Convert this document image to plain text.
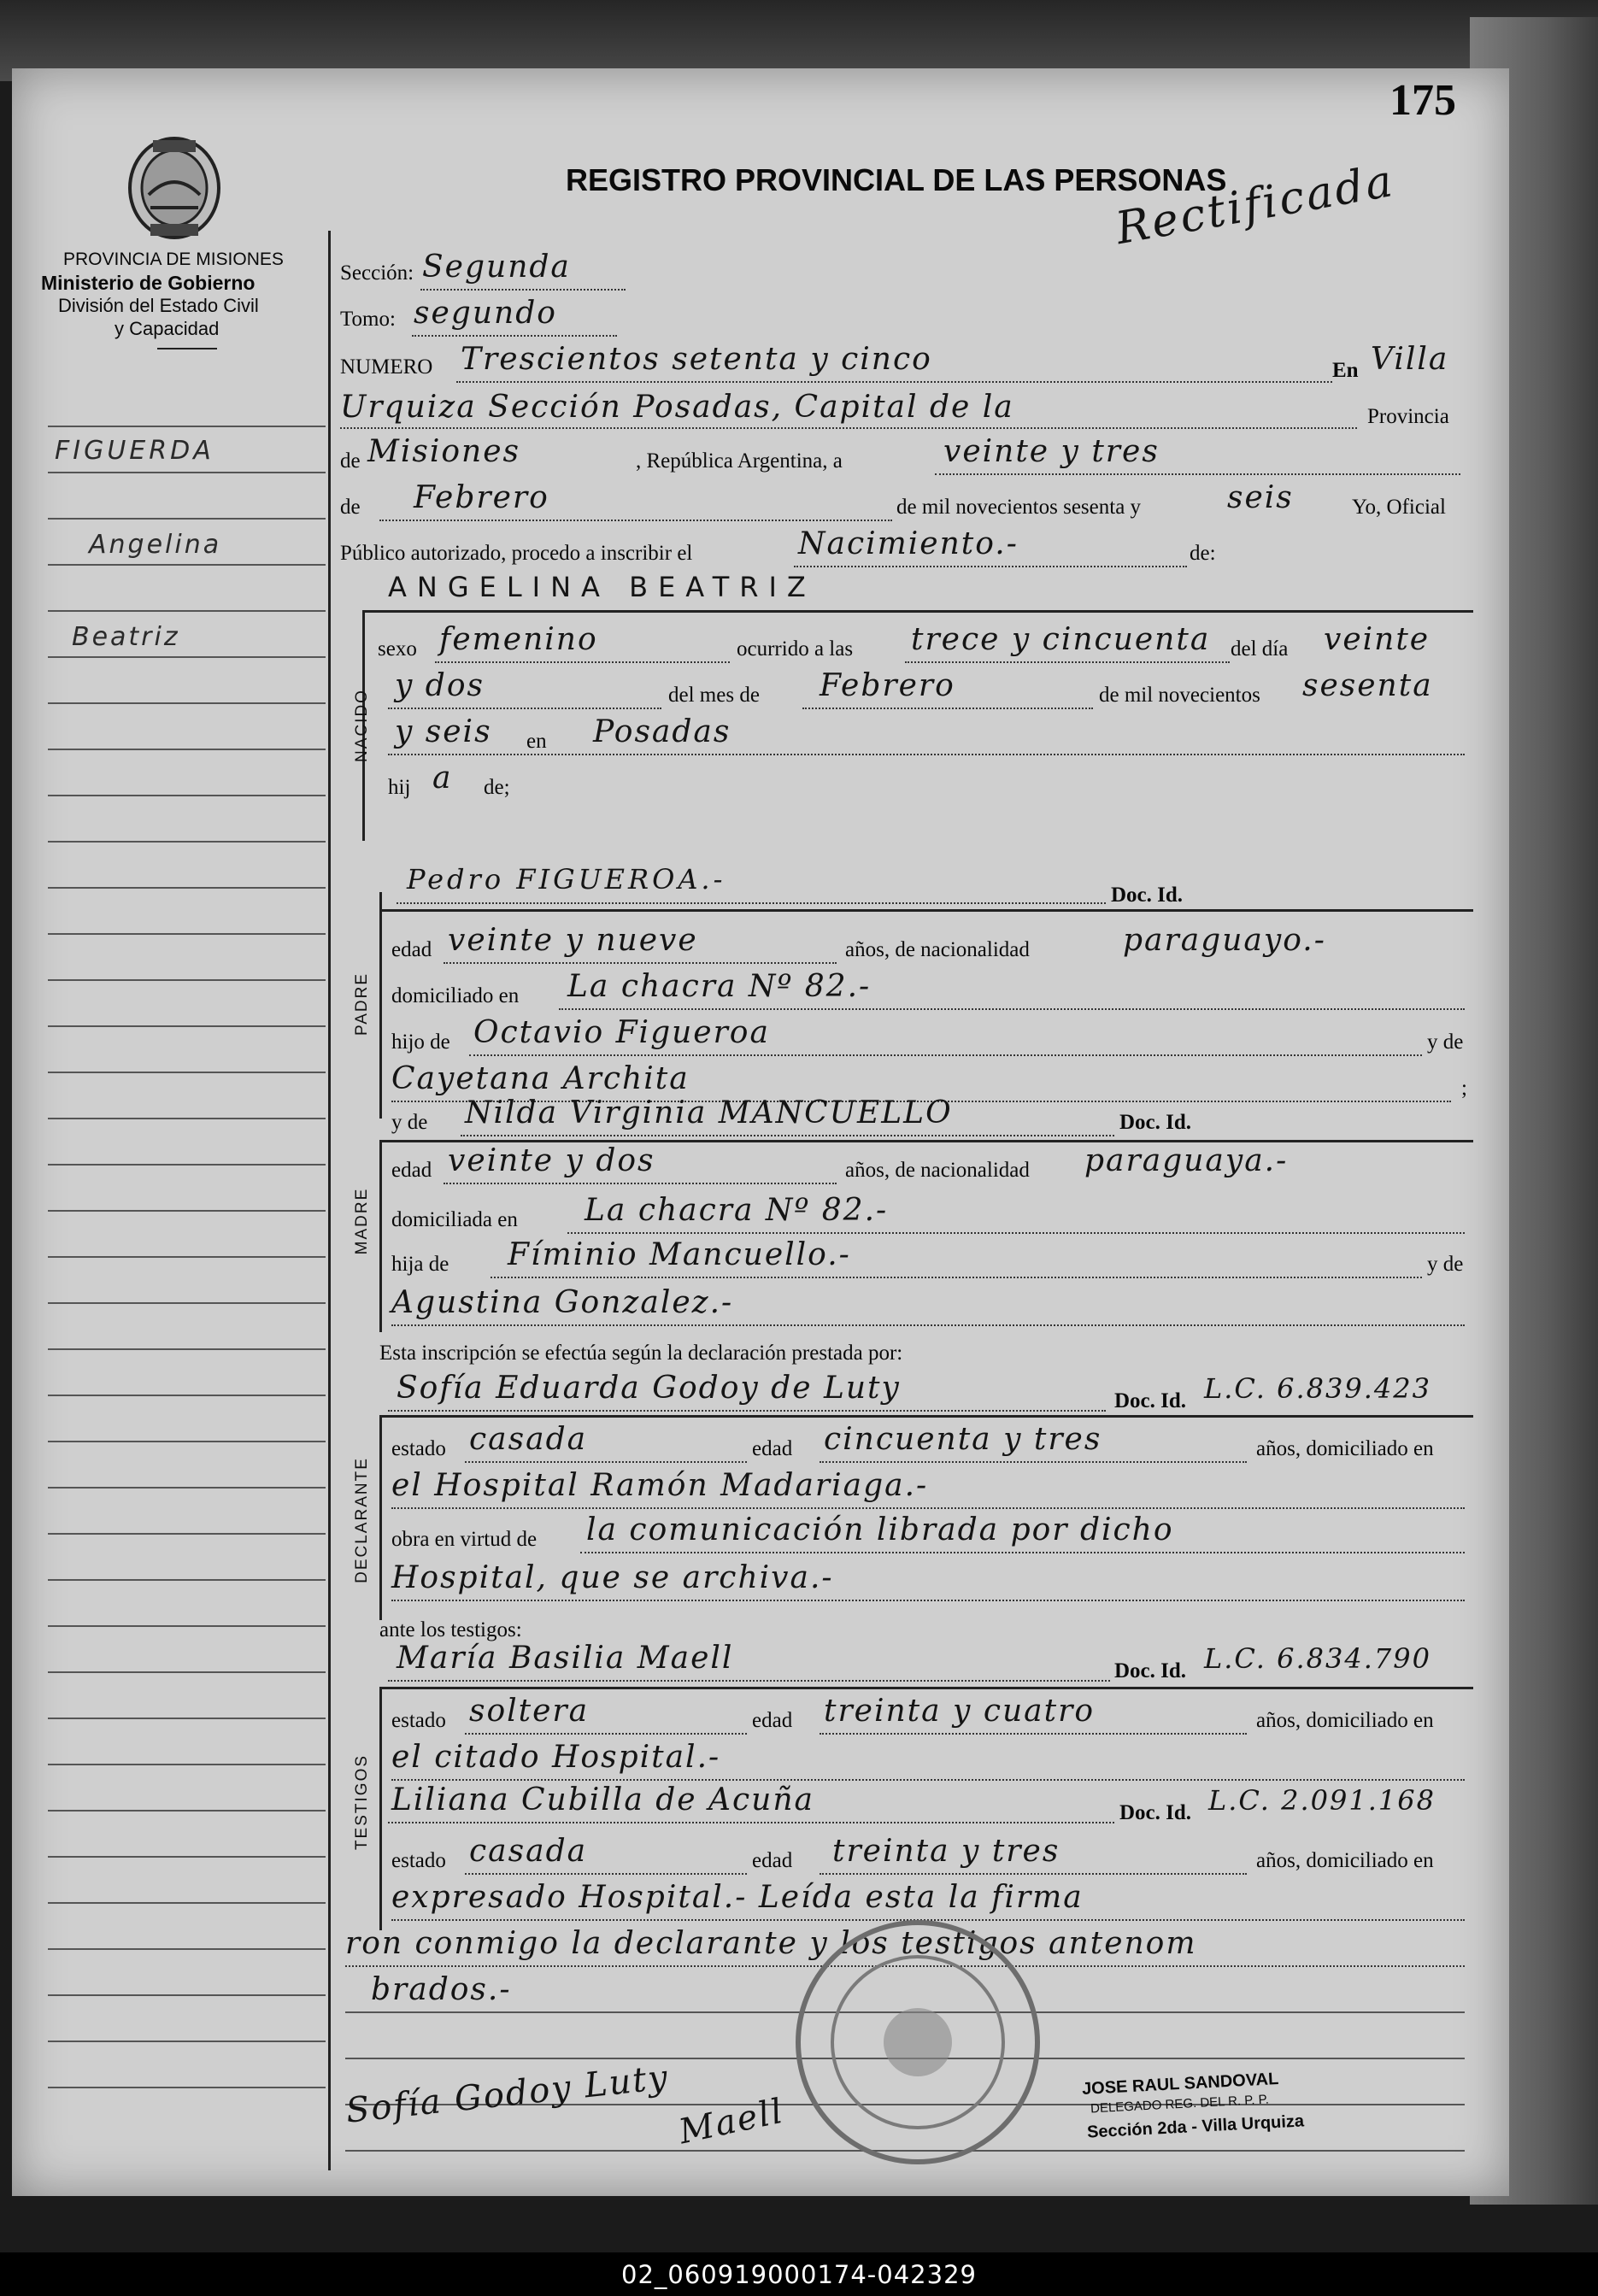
175
PROVINCIA DE MISIONES
Ministerio de Gobierno
División del Estado Civil
y Capacidad
REGISTRO PROVINCIAL DE LAS PERSONAS
Rectificada
FIGUERDA
Angelina
Beatriz
Sección: Segunda
Tomo: segundo
NUMERO Trescientos setenta y cinco	En Villa
Urquiza Sección Posadas, Capital de la	Provincia
de Misiones	, República Argentina, a	veinte y tres
de Febrero	de mil novecientos sesenta y	seis	Yo, Oficial
Público autorizado, procedo a inscribir el	Nacimiento.-	de:
ANGELINA BEATRIZ
NACIDO
sexo femenino	ocurrido a las trece y cincuenta del día veinte
y dos	del mes de Febrero	de mil novecientos sesenta
y seis en Posadas
hij a de;
Pedro FIGUEROA.-	Doc. Id.
PADRE
edad veinte y nueve	años, de nacionalidad	paraguayo.-
domiciliado en La chacra Nº 82.-
hijo de Octavio Figueroa	y de
Cayetana Archita	;
y de Nilda Virginia MANCUELLO	Doc. Id.
MADRE
edad veinte y dos	años, de nacionalidad paraguaya.-
domiciliada en La chacra Nº 82.-
hija de Fíminio Mancuello.-	y de
Agustina Gonzalez.-
Esta inscripción se efectúa según la declaración prestada por:
Sofía Eduarda Godoy de Luty	Doc. Id. L.C. 6.839.423
DECLARANTE
estado casada	edad cincuenta y tres	años, domiciliado en
el Hospital Ramón Madariaga.-
obra en virtud de la comunicación librada por dicho
Hospital, que se archiva.-
ante los testigos:
María Basilia Maell	Doc. Id. L.C. 6.834.790
TESTIGOS
estado soltera	edad treinta y cuatro	años, domiciliado en
el citado Hospital.-
Liliana Cubilla de Acuña	Doc. Id. L.C. 2.091.168
estado casada	edad treinta y tres	años, domiciliado en
expresado Hospital.- Leída esta la firma
ron conmigo la declarante y los testigos antenom
brados.-
Sofía Godoy Luty Maell
JOSE RAUL SANDOVAL
DELEGADO REG. DEL R. P. P.
Sección 2da - Villa Urquiza
02_060919000174-042329
